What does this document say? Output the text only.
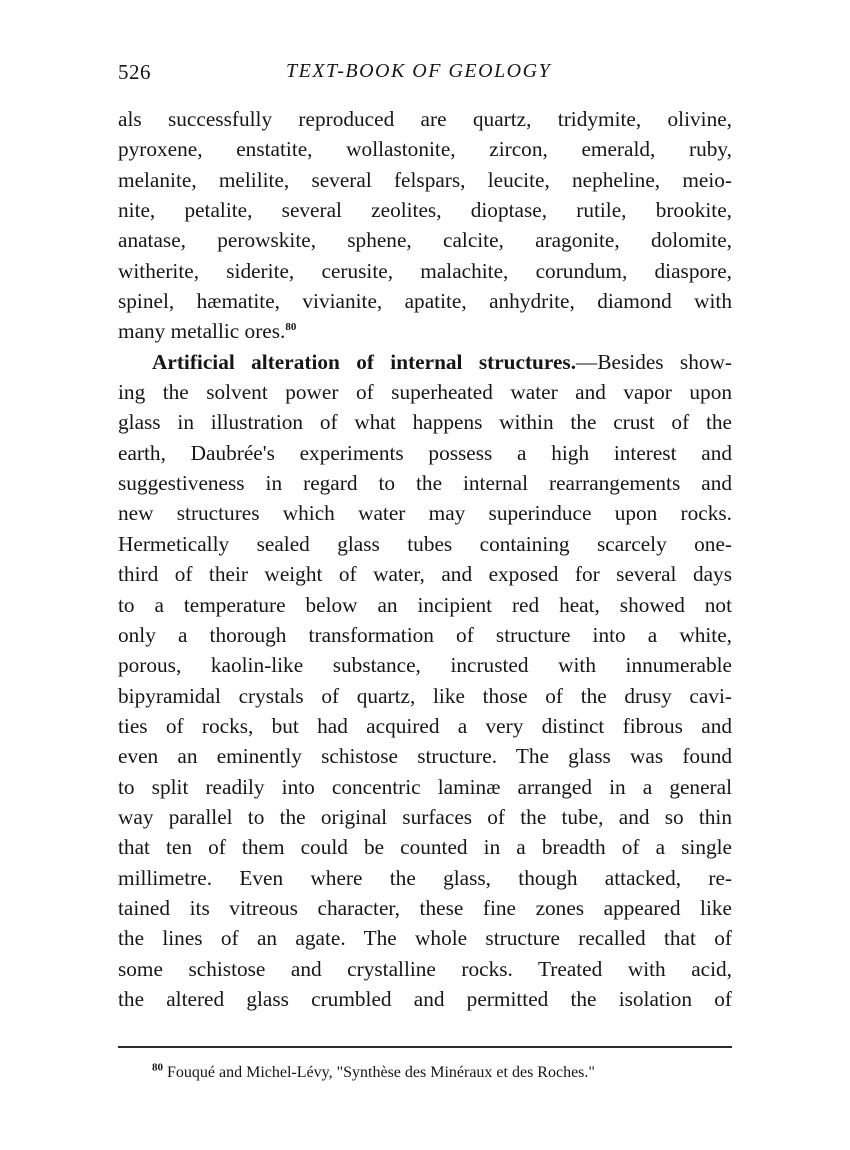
526	TEXT-BOOK OF GEOLOGY
als successfully reproduced are quartz, tridymite, olivine,
pyroxene, enstatite, wollastonite, zircon, emerald, ruby,
melanite, melilite, several felspars, leucite, nepheline, meio-
nite, petalite, several zeolites, dioptase, rutile, brookite,
anatase, perowskite, sphene, calcite, aragonite, dolomite,
witherite, siderite, cerusite, malachite, corundum, diaspore,
spinel, hæmatite, vivianite, apatite, anhydrite, diamond with
many metallic ores.$^{80}$
Artificial alteration of internal structures.—Besides show-
ing the solvent power of superheated water and vapor upon
glass in illustration of what happens within the crust of the
earth, Daubrée's experiments possess a high interest and
suggestiveness in regard to the internal rearrangements and
new structures which water may superinduce upon rocks.
Hermetically sealed glass tubes containing scarcely one-
third of their weight of water, and exposed for several days
to a temperature below an incipient red heat, showed not
only a thorough transformation of structure into a white,
porous, kaolin-like substance, incrusted with innumerable
bipyramidal crystals of quartz, like those of the drusy cavi-
ties of rocks, but had acquired a very distinct fibrous and
even an eminently schistose structure. The glass was found
to split readily into concentric laminæ arranged in a general
way parallel to the original surfaces of the tube, and so thin
that ten of them could be counted in a breadth of a single
millimetre. Even where the glass, though attacked, re-
tained its vitreous character, these fine zones appeared like
the lines of an agate. The whole structure recalled that of
some schistose and crystalline rocks. Treated with acid,
the altered glass crumbled and permitted the isolation of
$^{80}$ Fouqué and Michel-Lévy, "Synthèse des Minéraux et des Roches."
